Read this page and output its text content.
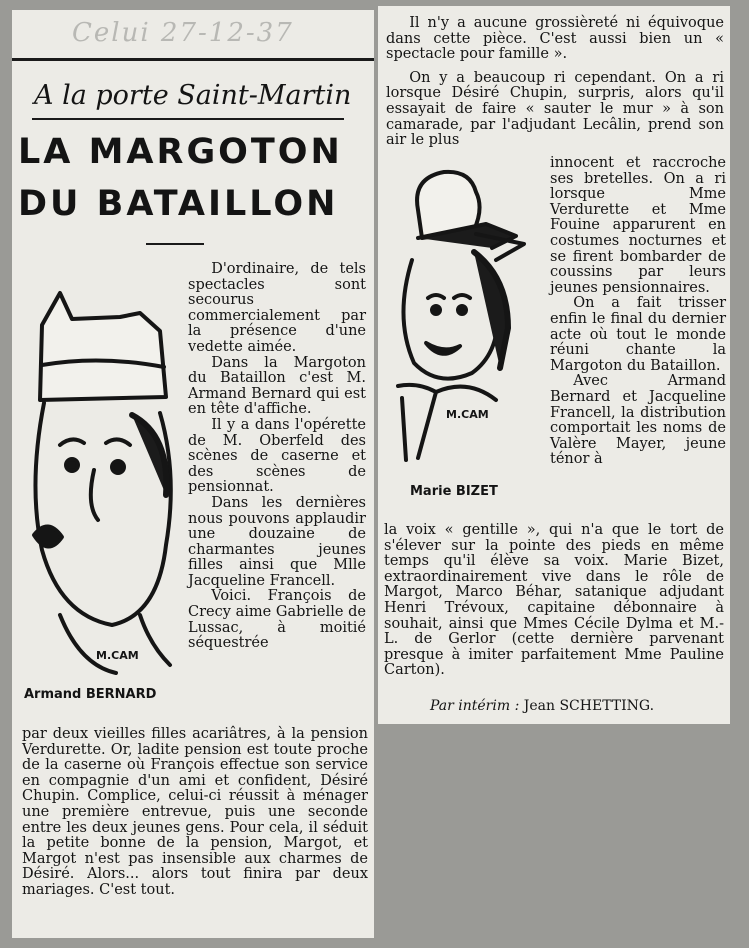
Celui 27-12-37
A la porte Saint-Martin
LA MARGOTON
DU BATAILLON
M.CAM
Armand BERNARD

D'ordinaire, de tels spectacles sont secourus commercialement par la présence d'une vedette aimée.

Dans la Margoton du Bataillon c'est M. Armand Bernard qui est en tête d'affiche.

Il y a dans l'opérette de M. Oberfeld des scènes de caserne et des scènes de pensionnat.

Dans les dernières nous pouvons applaudir une douzaine de charmantes jeunes filles ainsi que Mlle Jacqueline Francell.

Voici. François de Crecy aime Gabrielle de Lussac, à moitié séquestrée

par deux vieilles filles acariâtres, à la pension Verdurette. Or, ladite pension est toute proche de la caserne où François effectue son service en compagnie d'un ami et confident, Désiré Chupin. Complice, celui-ci réussit à ménager une première entrevue, puis une seconde entre les deux jeunes gens. Pour cela, il séduit la petite bonne de la pension, Margot, et Margot n'est pas insensible aux charmes de Désiré. Alors... alors tout finira par deux mariages. C'est tout.

Il n'y a aucune grossièreté ni équivoque dans cette pièce. C'est aussi bien un « spectacle pour famille ».

On y a beaucoup ri cependant. On a ri lorsque Désiré Chupin, surpris, alors qu'il essayait de faire « sauter le mur » à son camarade, par l'adjudant Lecâlin, prend son air le plus

M.CAM
Marie BIZET

innocent et raccroche ses bretelles. On a ri lorsque Mme Verdurette et Mme Fouine apparurent en costumes nocturnes et se firent bombarder de coussins par leurs jeunes pensionnaires.

On a fait trisser enfin le final du dernier acte où tout le monde réuni chante la Margoton du Bataillon.

Avec Armand Bernard et Jacqueline Francell, la distribution comportait les noms de Valère Mayer, jeune ténor à

la voix « gentille », qui n'a que le tort de s'élever sur la pointe des pieds en même temps qu'il élève sa voix. Marie Bizet, extraordinairement vive dans le rôle de Margot, Marco Béhar, satanique adjudant Henri Trévoux, capitaine débonnaire à souhait, ainsi que Mmes Cécile Dylma et M.-L. de Gerlor (cette dernière parvenant presque à imiter parfaitement Mme Pauline Carton).

Par intérim : Jean SCHETTING.
